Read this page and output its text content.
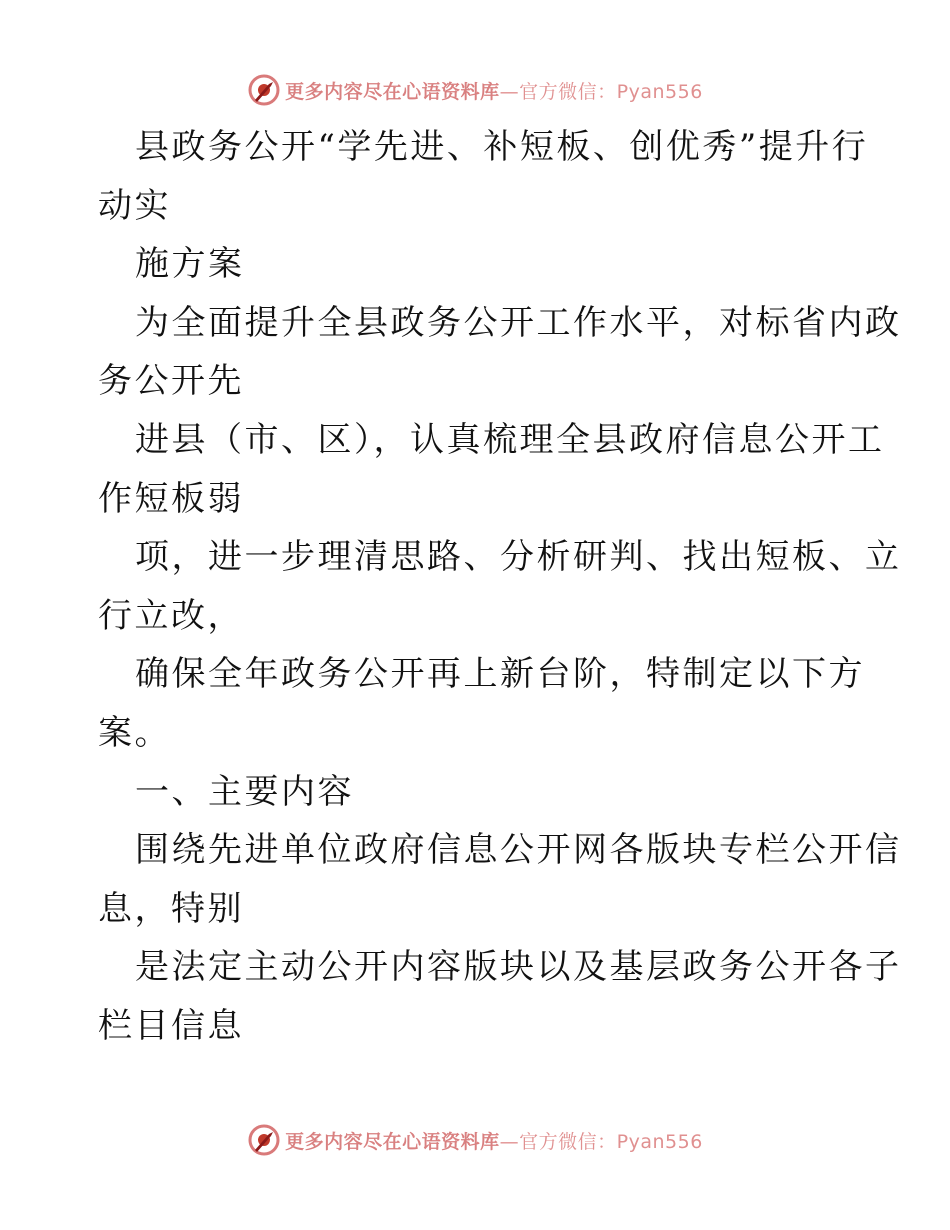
更多内容尽在心语资料库—官方微信：Pyan556
县政务公开“学先进、补短板、创优秀”提升行
动实
施方案
为全面提升全县政务公开工作水平，对标省内政
务公开先
进县（市、区），认真梳理全县政府信息公开工
作短板弱
项，进一步理清思路、分析研判、找出短板、立
行立改，
确保全年政务公开再上新台阶，特制定以下方
案。
一、主要内容
围绕先进单位政府信息公开网各版块专栏公开信
息，特别
是法定主动公开内容版块以及基层政务公开各子
栏目信息
更多内容尽在心语资料库—官方微信：Pyan556
